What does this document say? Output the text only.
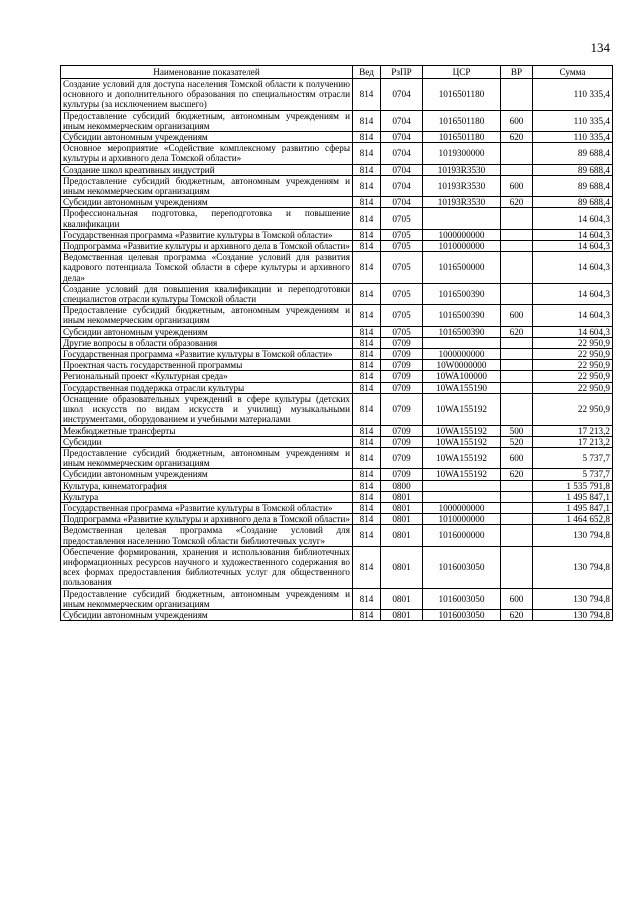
134
Наименование показателей	Вед	РзПР	ЦСР	ВР	Сумма
Создание условий для доступа населения Томской области к получению основного и дополнительного образования по специальностям отрасли культуры (за исключением высшего)	814	0704	1016501180		110 335,4
Предоставление субсидий бюджетным, автономным учреждениям и иным некоммерческим организациям	814	0704	1016501180	600	110 335,4
Субсидии автономным учреждениям	814	0704	1016501180	620	110 335,4
Основное мероприятие «Содействие комплексному развитию сферы культуры и архивного дела Томской области»	814	0704	1019300000		89 688,4
Создание школ креативных индустрий	814	0704	10193R3530		89 688,4
Предоставление субсидий бюджетным, автономным учреждениям и иным некоммерческим организациям	814	0704	10193R3530	600	89 688,4
Субсидии автономным учреждениям	814	0704	10193R3530	620	89 688,4
Профессиональная подготовка, переподготовка и повышение квалификации	814	0705			14 604,3
Государственная программа «Развитие культуры в Томской области»	814	0705	1000000000		14 604,3
Подпрограмма «Развитие культуры и архивного дела в Томской области»	814	0705	1010000000		14 604,3
Ведомственная целевая программа «Создание условий для развития кадрового потенциала Томской области в сфере культуры и архивного дела»	814	0705	1016500000		14 604,3
Создание условий для повышения квалификации и переподготовки специалистов отрасли культуры Томской области	814	0705	1016500390		14 604,3
Предоставление субсидий бюджетным, автономным учреждениям и иным некоммерческим организациям	814	0705	1016500390	600	14 604,3
Субсидии автономным учреждениям	814	0705	1016500390	620	14 604,3
Другие вопросы в области образования	814	0709			22 950,9
Государственная программа «Развитие культуры в Томской области»	814	0709	1000000000		22 950,9
Проектная часть государственной программы	814	0709	10W0000000		22 950,9
Региональный проект «Культурная среда»	814	0709	10WA100000		22 950,9
Государственная поддержка отрасли культуры	814	0709	10WA155190		22 950,9
Оснащение образовательных учреждений в сфере культуры (детских школ искусств по видам искусств и училищ) музыкальными инструментами, оборудованием и учебными материалами	814	0709	10WA155192		22 950,9
Межбюджетные трансферты	814	0709	10WA155192	500	17 213,2
Субсидии	814	0709	10WA155192	520	17 213,2
Предоставление субсидий бюджетным, автономным учреждениям и иным некоммерческим организациям	814	0709	10WA155192	600	5 737,7
Субсидии автономным учреждениям	814	0709	10WA155192	620	5 737,7
Культура, кинематография	814	0800			1 535 791,8
Культура	814	0801			1 495 847,1
Государственная программа «Развитие культуры в Томской области»	814	0801	1000000000		1 495 847,1
Подпрограмма «Развитие культуры и архивного дела в Томской области»	814	0801	1010000000		1 464 652,8
Ведомственная целевая программа «Создание условий для предоставления населению Томской области библиотечных услуг»	814	0801	1016000000		130 794,8
Обеспечение формирования, хранения и использования библиотечных информационных ресурсов научного и художественного содержания во всех формах предоставления библиотечных услуг для общественного пользования	814	0801	1016003050		130 794,8
Предоставление субсидий бюджетным, автономным учреждениям и иным некоммерческим организациям	814	0801	1016003050	600	130 794,8
Субсидии автономным учреждениям	814	0801	1016003050	620	130 794,8
